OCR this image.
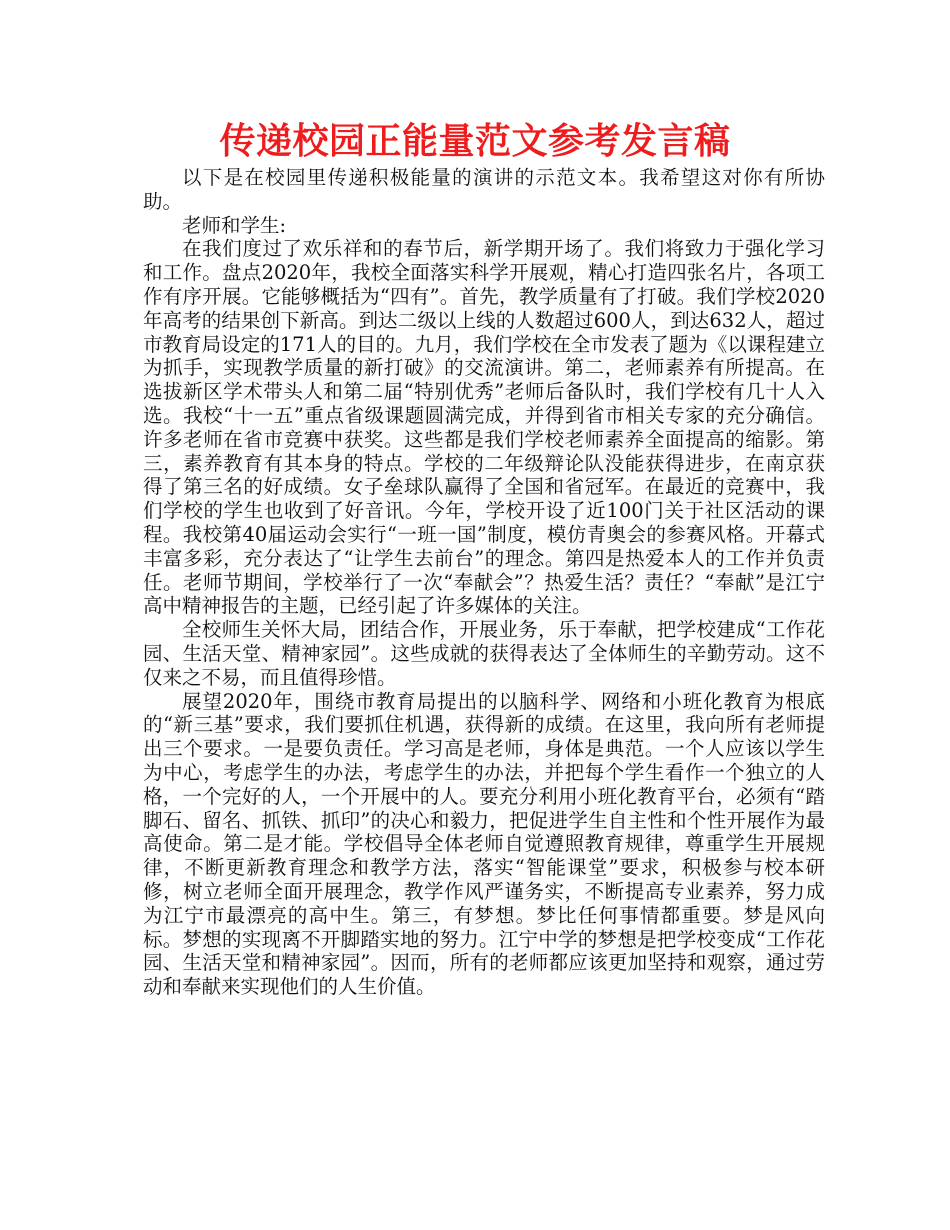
传递校园正能量范文参考发言稿

以下是在校园里传递积极能量的演讲的示范文本。我希望这对你有所协助。

老师和学生:

在我们度过了欢乐祥和的春节后，新学期开场了。我们将致力于强化学习和工作。盘点2020年，我校全面落实科学开展观，精心打造四张名片，各项工作有序开展。它能够概括为“四有”。首先，教学质量有了打破。我们学校2020年高考的结果创下新高。到达二级以上线的人数超过600人，到达632人，超过市教育局设定的171人的目的。九月，我们学校在全市发表了题为《以课程建立为抓手，实现教学质量的新打破》的交流演讲。第二，老师素养有所提高。在选拔新区学术带头人和第二届“特别优秀”老师后备队时，我们学校有几十人入选。我校“十一五”重点省级课题圆满完成，并得到省市相关专家的充分确信。许多老师在省市竞赛中获奖。这些都是我们学校老师素养全面提高的缩影。第三，素养教育有其本身的特点。学校的二年级辩论队没能获得进步，在南京获得了第三名的好成绩。女子垒球队赢得了全国和省冠军。在最近的竞赛中，我们学校的学生也收到了好音讯。今年，学校开设了近100门关于社区活动的课程。我校第40届运动会实行“一班一国”制度，模仿青奥会的参赛风格。开幕式丰富多彩，充分表达了“让学生去前台”的理念。第四是热爱本人的工作并负责任。老师节期间，学校举行了一次“奉献会”？热爱生活？责任？“奉献”是江宁高中精神报告的主题，已经引起了许多媒体的关注。

全校师生关怀大局，团结合作，开展业务，乐于奉献，把学校建成“工作花园、生活天堂、精神家园”。这些成就的获得表达了全体师生的辛勤劳动。这不仅来之不易，而且值得珍惜。

展望2020年，围绕市教育局提出的以脑科学、网络和小班化教育为根底的“新三基”要求，我们要抓住机遇，获得新的成绩。在这里，我向所有老师提出三个要求。一是要负责任。学习高是老师，身体是典范。一个人应该以学生为中心，考虑学生的办法，考虑学生的办法，并把每个学生看作一个独立的人格，一个完好的人，一个开展中的人。要充分利用小班化教育平台，必须有“踏脚石、留名、抓铁、抓印”的决心和毅力，把促进学生自主性和个性开展作为最高使命。第二是才能。学校倡导全体老师自觉遵照教育规律，尊重学生开展规律，不断更新教育理念和教学方法，落实“智能课堂”要求，积极参与校本研修，树立老师全面开展理念，教学作风严谨务实，不断提高专业素养，努力成为江宁市最漂亮的高中生。第三，有梦想。梦比任何事情都重要。梦是风向标。梦想的实现离不开脚踏实地的努力。江宁中学的梦想是把学校变成“工作花园、生活天堂和精神家园”。因而，所有的老师都应该更加坚持和观察，通过劳动和奉献来实现他们的人生价值。
